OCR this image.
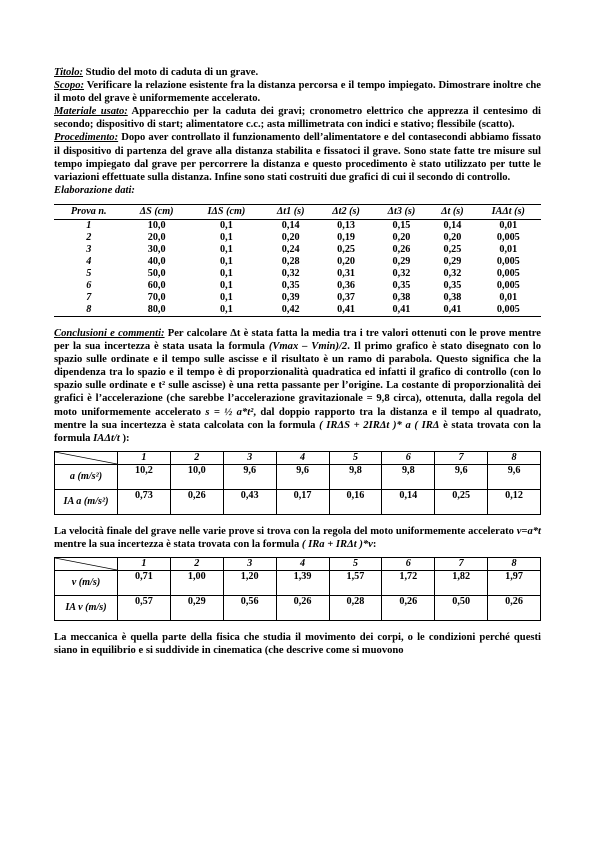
Titolo: Studio del moto di caduta di un grave.

Scopo: Verificare la relazione esistente fra la distanza percorsa e il tempo impiegato. Dimostrare inoltre che il moto del grave è uniformemente accelerato.

Materiale usato: Apparecchio per la caduta dei gravi; cronometro elettrico che apprezza il centesimo di secondo; dispositivo di start; alimentatore c.c.; asta millimetrata con indici e stativo; flessibile (scatto).

Procedimento: Dopo aver controllato il funzionamento dell’alimentatore e del contasecondi abbiamo fissato il dispositivo di partenza del grave alla distanza stabilita e fissatoci il grave. Sono state fatte tre misure sul tempo impiegato dal grave per percorrere la distanza e questo procedimento è stato utilizzato per tutte le variazioni effettuate sulla distanza. Infine sono stati costruiti due grafici di cui il secondo di controllo.

Elaborazione dati:

Prova n.	ΔS (cm)	IΔS (cm)	Δt1 (s)	Δt2 (s)	Δt3 (s)	Δt (s)	IAΔt (s)
1	10,0	0,1	0,14	0,13	0,15	0,14	0,01
2	20,0	0,1	0,20	0,19	0,20	0,20	0,005
3	30,0	0,1	0,24	0,25	0,26	0,25	0,01
4	40,0	0,1	0,28	0,20	0,29	0,29	0,005
5	50,0	0,1	0,32	0,31	0,32	0,32	0,005
6	60,0	0,1	0,35	0,36	0,35	0,35	0,005
7	70,0	0,1	0,39	0,37	0,38	0,38	0,01
8	80,0	0,1	0,42	0,41	0,41	0,41	0,005

Conclusioni e commenti: Per calcolare Δt è stata fatta la media tra i tre valori ottenuti con le prove mentre per la sua incertezza è stata usata la formula (Vmax – Vmin)/2. Il primo grafico è stato disegnato con lo spazio sulle ordinate e il tempo sulle ascisse e il risultato è un ramo di parabola. Questo significa che la dipendenza tra lo spazio e il tempo è di proporzionalità quadratica ed infatti il grafico di controllo (con lo spazio sulle ordinate e t² sulle ascisse) è una retta passante per l’origine. La costante di proporzionalità dei grafici è l’accelerazione (che sarebbe l’accelerazione gravitazionale = 9,8 circa), ottenuta, dalla regola del moto uniformemente accelerato s = ½ a*t², dal doppio rapporto tra la distanza e il tempo al quadrato, mentre la sua incertezza è stata calcolata con la formula ( IRΔS + 2IRΔt )* a ( IRΔ è stata trovata con la formula IAΔt/t ):

	1	2	3	4	5	6	7	8
a (m/s²)	10,2	10,0	9,6	9,6	9,8	9,8	9,6	9,6
IA a (m/s²)	0,73	0,26	0,43	0,17	0,16	0,14	0,25	0,12

La velocità finale del grave nelle varie prove si trova con la regola del moto uniformemente accelerato v=a*t mentre la sua incertezza è stata trovata con la formula ( IRa + IRΔt )*v:

	1	2	3	4	5	6	7	8
v (m/s)	0,71	1,00	1,20	1,39	1,57	1,72	1,82	1,97
IA v (m/s)	0,57	0,29	0,56	0,26	0,28	0,26	0,50	0,26

La meccanica è quella parte della fisica che studia il movimento dei corpi, o le condizioni perché questi siano in equilibrio e si suddivide in cinematica (che descrive come si muovono
